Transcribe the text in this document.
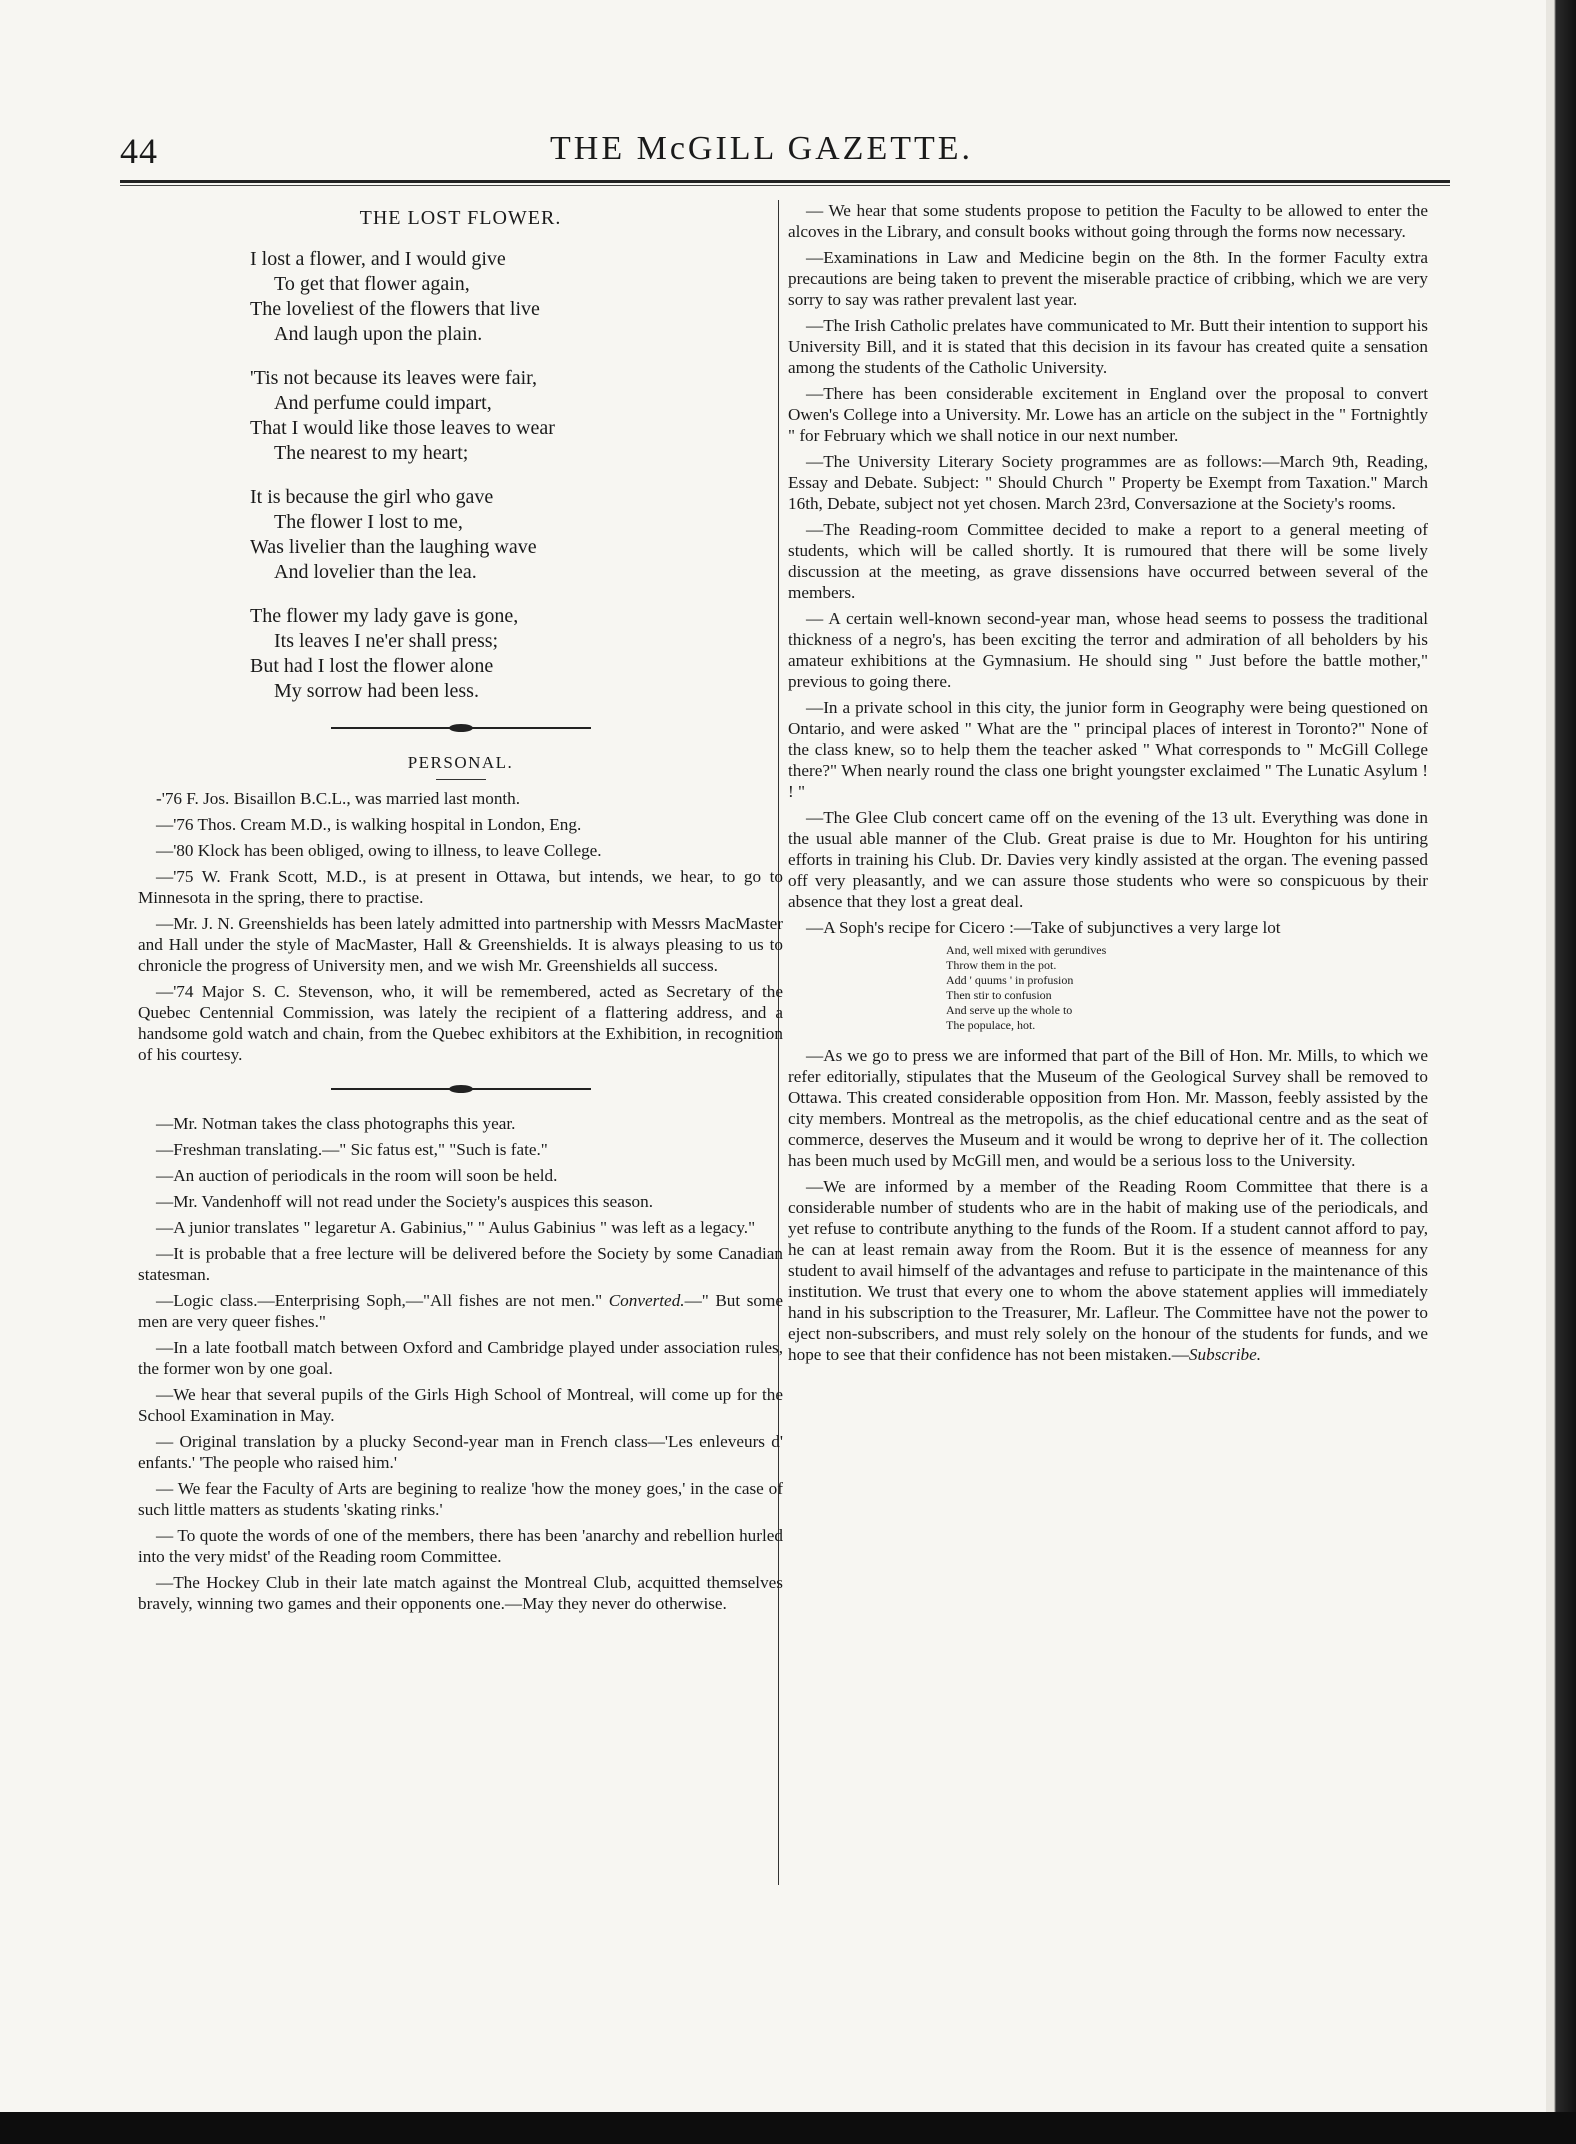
44	THE McGILL GAZETTE.
THE LOST FLOWER.
I lost a flower, and I would give
To get that flower again,
The loveliest of the flowers that live
And laugh upon the plain.
'Tis not because its leaves were fair,
And perfume could impart,
That I would like those leaves to wear
The nearest to my heart;
It is because the girl who gave
The flower I lost to me,
Was livelier than the laughing wave
And lovelier than the lea.
The flower my lady gave is gone,
Its leaves I ne'er shall press;
But had I lost the flower alone
My sorrow had been less.
PERSONAL.

-'76 F. Jos. Bisaillon B.C.L., was married last month.

—'76 Thos. Cream M.D., is walking hospital in London, Eng.

—'80 Klock has been obliged, owing to illness, to leave College.

—'75 W. Frank Scott, M.D., is at present in Ottawa, but intends, we hear, to go to Minnesota in the spring, there to practise.

—Mr. J. N. Greenshields has been lately admitted into partnership with Messrs MacMaster and Hall under the style of MacMaster, Hall & Greenshields. It is always pleasing to us to chronicle the progress of University men, and we wish Mr. Greenshields all success.

—'74 Major S. C. Stevenson, who, it will be remembered, acted as Secretary of the Quebec Centennial Commission, was lately the recipient of a flattering address, and a handsome gold watch and chain, from the Quebec exhibitors at the Exhibition, in recognition of his courtesy.

—Mr. Notman takes the class photographs this year.

—Freshman translating.—" Sic fatus est," "Such is fate."

—An auction of periodicals in the room will soon be held.

—Mr. Vandenhoff will not read under the Society's auspices this season.

—A junior translates " legaretur A. Gabinius," " Aulus Gabinius " was left as a legacy."

—It is probable that a free lecture will be delivered before the Society by some Canadian statesman.

—Logic class.—Enterprising Soph,—"All fishes are not men." Converted.—" But some men are very queer fishes."

—In a late football match between Oxford and Cambridge played under association rules, the former won by one goal.

—We hear that several pupils of the Girls High School of Montreal, will come up for the School Examination in May.

— Original translation by a plucky Second-year man in French class—'Les enleveurs d' enfants.' 'The people who raised him.'

— We fear the Faculty of Arts are begining to realize 'how the money goes,' in the case of such little matters as students 'skating rinks.'

— To quote the words of one of the members, there has been 'anarchy and rebellion hurled into the very midst' of the Reading room Committee.

—The Hockey Club in their late match against the Montreal Club, acquitted themselves bravely, winning two games and their opponents one.—May they never do otherwise.

— We hear that some students propose to petition the Faculty to be allowed to enter the alcoves in the Library, and consult books without going through the forms now necessary.

—Examinations in Law and Medicine begin on the 8th. In the former Faculty extra precautions are being taken to prevent the miserable practice of cribbing, which we are very sorry to say was rather prevalent last year.

—The Irish Catholic prelates have communicated to Mr. Butt their intention to support his University Bill, and it is stated that this decision in its favour has created quite a sensation among the students of the Catholic University.

—There has been considerable excitement in England over the proposal to convert Owen's College into a University. Mr. Lowe has an article on the subject in the " Fortnightly " for February which we shall notice in our next number.

—The University Literary Society programmes are as follows:—March 9th, Reading, Essay and Debate. Subject: " Should Church " Property be Exempt from Taxation." March 16th, Debate, subject not yet chosen. March 23rd, Conversazione at the Society's rooms.

—The Reading-room Committee decided to make a report to a general meeting of students, which will be called shortly. It is rumoured that there will be some lively discussion at the meeting, as grave dissensions have occurred between several of the members.

— A certain well-known second-year man, whose head seems to possess the traditional thickness of a negro's, has been exciting the terror and admiration of all beholders by his amateur exhibitions at the Gymnasium. He should sing " Just before the battle mother," previous to going there.

—In a private school in this city, the junior form in Geography were being questioned on Ontario, and were asked " What are the " principal places of interest in Toronto?" None of the class knew, so to help them the teacher asked " What corresponds to " McGill College there?" When nearly round the class one bright youngster exclaimed " The Lunatic Asylum ! ! "

—The Glee Club concert came off on the evening of the 13 ult. Everything was done in the usual able manner of the Club. Great praise is due to Mr. Houghton for his untiring efforts in training his Club. Dr. Davies very kindly assisted at the organ. The evening passed off very pleasantly, and we can assure those students who were so conspicuous by their absence that they lost a great deal.

—A Soph's recipe for Cicero :—Take of subjunctives a very large lot

And, well mixed with gerundives
Throw them in the pot.
Add ' quums ' in profusion
Then stir to confusion
And serve up the whole to
The populace, hot.

—As we go to press we are informed that part of the Bill of Hon. Mr. Mills, to which we refer editorially, stipulates that the Museum of the Geological Survey shall be removed to Ottawa. This created considerable opposition from Hon. Mr. Masson, feebly assisted by the city members. Montreal as the metropolis, as the chief educational centre and as the seat of commerce, deserves the Museum and it would be wrong to deprive her of it. The collection has been much used by McGill men, and would be a serious loss to the University.

—We are informed by a member of the Reading Room Committee that there is a considerable number of students who are in the habit of making use of the periodicals, and yet refuse to contribute anything to the funds of the Room. If a student cannot afford to pay, he can at least remain away from the Room. But it is the essence of meanness for any student to avail himself of the advantages and refuse to participate in the maintenance of this institution. We trust that every one to whom the above statement applies will immediately hand in his subscription to the Treasurer, Mr. Lafleur. The Committee have not the power to eject non-subscribers, and must rely solely on the honour of the students for funds, and we hope to see that their confidence has not been mistaken.—Subscribe.
